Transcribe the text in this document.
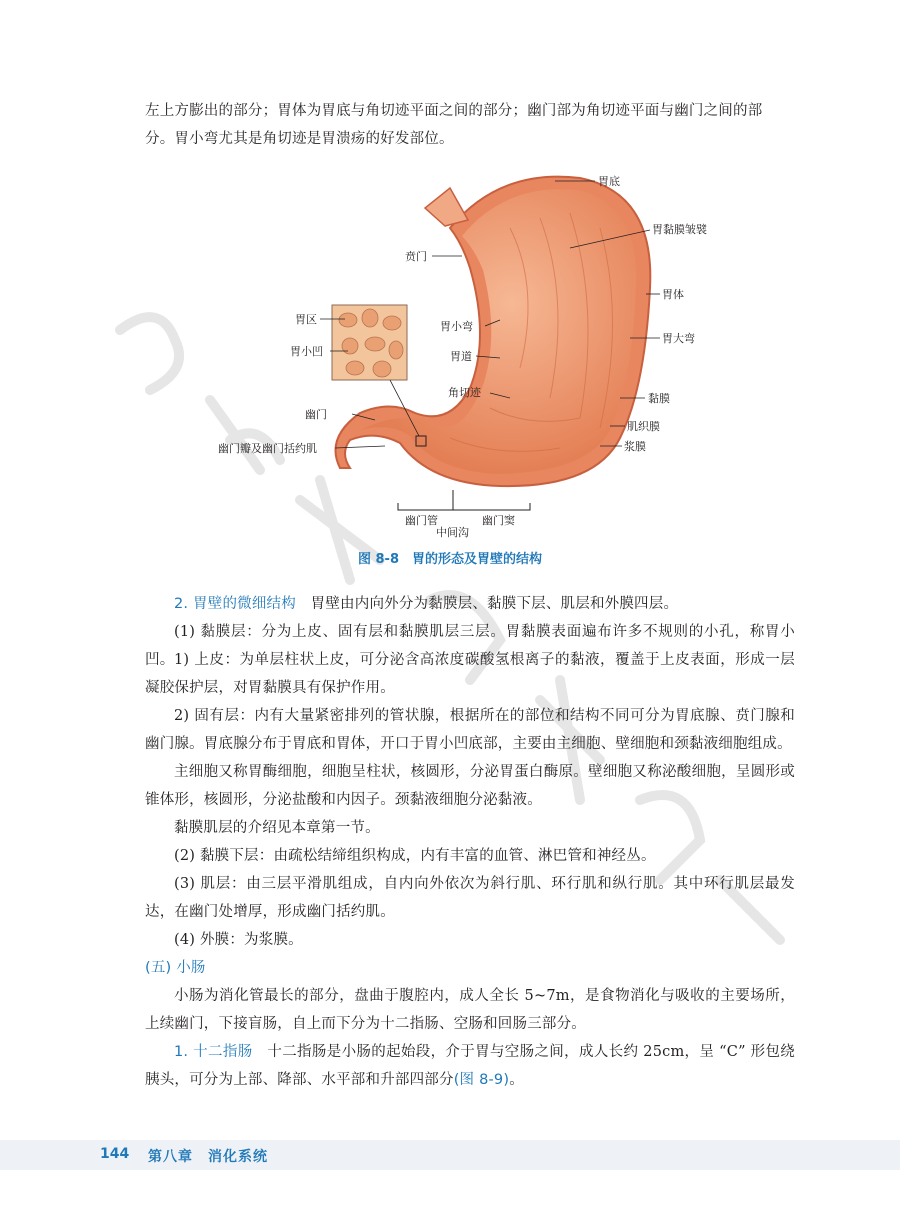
左上方膨出的部分；胃体为胃底与角切迹平面之间的部分；幽门部为角切迹平面与幽门之间的部

分。胃小弯尤其是角切迹是胃溃疡的好发部位。

胃底
胃黏膜皱襞
贲门
胃体
胃区
胃小弯
胃大弯
胃小凹	胃道
角切迹	黏膜
幽门
肌织膜
幽门瓣及幽门括约肌	浆膜
幽门管
中间沟
幽门窦
图 8-8　胃的形态及胃壁的结构

2. 胃壁的微细结构　胃壁由内向外分为黏膜层、黏膜下层、肌层和外膜四层。

(1) 黏膜层：分为上皮、固有层和黏膜肌层三层。胃黏膜表面遍布许多不规则的小孔，称胃小凹。 1) 上皮：为单层柱状上皮，可分泌含高浓度碳酸氢根离子的黏液，覆盖于上皮表面，形成一层凝胶保护层，对胃黏膜具有保护作用。

2) 固有层：内有大量紧密排列的管状腺，根据所在的部位和结构不同可分为胃底腺、贲门腺和幽门腺。胃底腺分布于胃底和胃体，开口于胃小凹底部，主要由主细胞、壁细胞和颈黏液细胞组成。

主细胞又称胃酶细胞，细胞呈柱状，核圆形，分泌胃蛋白酶原。壁细胞又称泌酸细胞，呈圆形或锥体形，核圆形，分泌盐酸和内因子。颈黏液细胞分泌黏液。

黏膜肌层的介绍见本章第一节。

(2) 黏膜下层：由疏松结缔组织构成，内有丰富的血管、淋巴管和神经丛。

(3) 肌层：由三层平滑肌组成，自内向外依次为斜行肌、环行肌和纵行肌。其中环行肌层最发达，在幽门处增厚，形成幽门括约肌。

(4) 外膜：为浆膜。

(五) 小肠

小肠为消化管最长的部分，盘曲于腹腔内，成人全长 5~7m，是食物消化与吸收的主要场所，上续幽门，下接盲肠，自上而下分为十二指肠、空肠和回肠三部分。

1. 十二指肠　十二指肠是小肠的起始段，介于胃与空肠之间，成人长约 25cm，呈 “C” 形包绕胰头，可分为上部、降部、水平部和升部四部分(图 8-9)。

144 第八章　消化系统
